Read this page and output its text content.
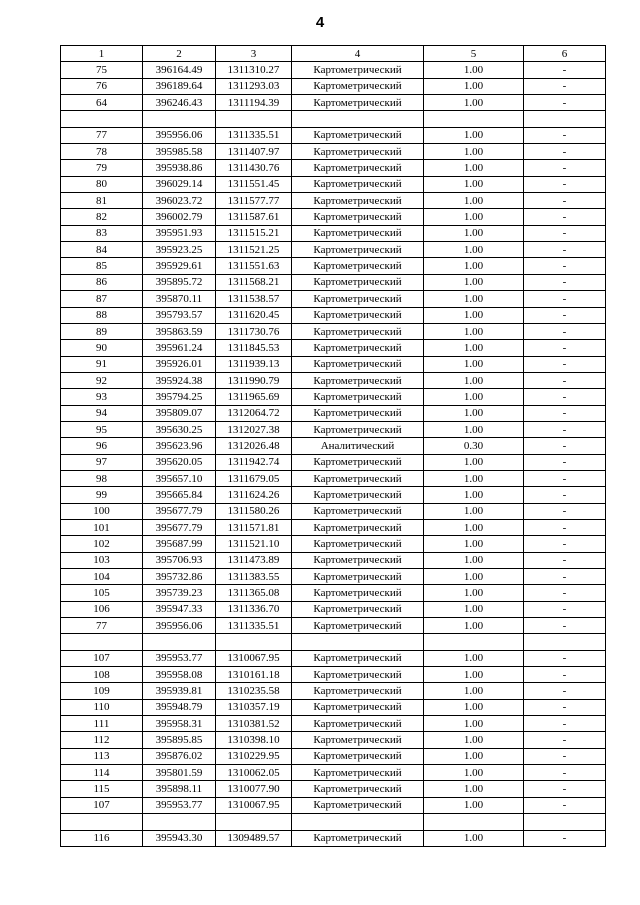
4
1	2	3	4	5	6
75	396164.49	1311310.27	Картометрический	1.00	-
76	396189.64	1311293.03	Картометрический	1.00	-
64	396246.43	1311194.39	Картометрический	1.00	-

77	395956.06	1311335.51	Картометрический	1.00	-
78	395985.58	1311407.97	Картометрический	1.00	-
79	395938.86	1311430.76	Картометрический	1.00	-
80	396029.14	1311551.45	Картометрический	1.00	-
81	396023.72	1311577.77	Картометрический	1.00	-
82	396002.79	1311587.61	Картометрический	1.00	-
83	395951.93	1311515.21	Картометрический	1.00	-
84	395923.25	1311521.25	Картометрический	1.00	-
85	395929.61	1311551.63	Картометрический	1.00	-
86	395895.72	1311568.21	Картометрический	1.00	-
87	395870.11	1311538.57	Картометрический	1.00	-
88	395793.57	1311620.45	Картометрический	1.00	-
89	395863.59	1311730.76	Картометрический	1.00	-
90	395961.24	1311845.53	Картометрический	1.00	-
91	395926.01	1311939.13	Картометрический	1.00	-
92	395924.38	1311990.79	Картометрический	1.00	-
93	395794.25	1311965.69	Картометрический	1.00	-
94	395809.07	1312064.72	Картометрический	1.00	-
95	395630.25	1312027.38	Картометрический	1.00	-
96	395623.96	1312026.48	Аналитический	0.30	-
97	395620.05	1311942.74	Картометрический	1.00	-
98	395657.10	1311679.05	Картометрический	1.00	-
99	395665.84	1311624.26	Картометрический	1.00	-
100	395677.79	1311580.26	Картометрический	1.00	-
101	395677.79	1311571.81	Картометрический	1.00	-
102	395687.99	1311521.10	Картометрический	1.00	-
103	395706.93	1311473.89	Картометрический	1.00	-
104	395732.86	1311383.55	Картометрический	1.00	-
105	395739.23	1311365.08	Картометрический	1.00	-
106	395947.33	1311336.70	Картометрический	1.00	-
77	395956.06	1311335.51	Картометрический	1.00	-

107	395953.77	1310067.95	Картометрический	1.00	-
108	395958.08	1310161.18	Картометрический	1.00	-
109	395939.81	1310235.58	Картометрический	1.00	-
110	395948.79	1310357.19	Картометрический	1.00	-
111	395958.31	1310381.52	Картометрический	1.00	-
112	395895.85	1310398.10	Картометрический	1.00	-
113	395876.02	1310229.95	Картометрический	1.00	-
114	395801.59	1310062.05	Картометрический	1.00	-
115	395898.11	1310077.90	Картометрический	1.00	-
107	395953.77	1310067.95	Картометрический	1.00	-

116	395943.30	1309489.57	Картометрический	1.00	-
